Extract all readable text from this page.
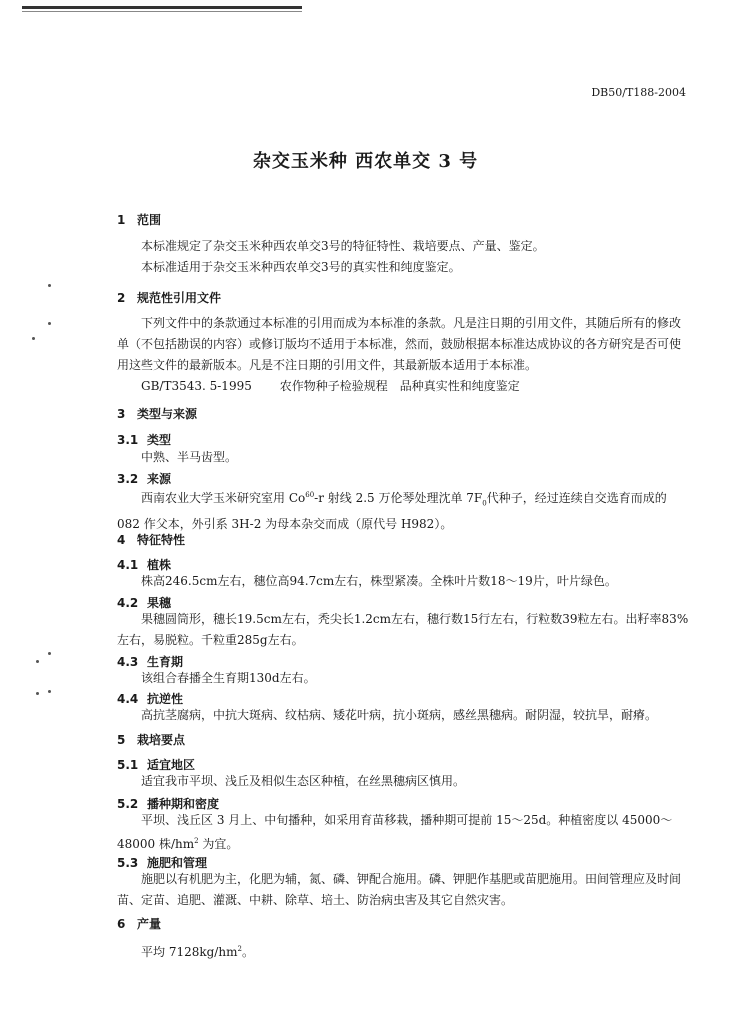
DB50/T188-2004
杂交玉米种 西农单交 3 号
1 范围
本标准规定了杂交玉米种西农单交3号的特征特性、栽培要点、产量、鉴定。
本标准适用于杂交玉米种西农单交3号的真实性和纯度鉴定。
2 规范性引用文件
下列文件中的条款通过本标准的引用而成为本标准的条款。凡是注日期的引用文件，其随后所有的修改单（不包括勘误的内容）或修订版均不适用于本标准，然而，鼓励根据本标准达成协议的各方研究是否可使用这些文件的最新版本。凡是不注日期的引用文件，其最新版本适用于本标准。
GB/T3543. 5-1995 农作物种子检验规程　品种真实性和纯度鉴定
3 类型与来源
3.1 类型
中熟、半马齿型。
3.2 来源
西南农业大学玉米研究室用 Co$^{60}$-r 射线 2.5 万伦琴处理沈单 $7F_0$代种子，经过连续自交选育而成的 082 作父本，外引系 3H-2 为母本杂交而成（原代号 H982）。
4 特征特性
4.1 植株
株高246.5cm左右，穗位高94.7cm左右，株型紧凑。全株叶片数18～19片，叶片绿色。
4.2 果穗
果穗圆筒形，穗长19.5cm左右，秃尖长1.2cm左右，穗行数15行左右，行粒数39粒左右。出籽率83%左右，易脱粒。千粒重285g左右。
4.3 生育期
该组合春播全生育期130d左右。
4.4 抗逆性
高抗茎腐病，中抗大斑病、纹枯病、矮花叶病，抗小斑病，感丝黑穗病。耐阴湿，较抗旱，耐瘠。
5 栽培要点
5.1 适宜地区
适宜我市平坝、浅丘及相似生态区种植，在丝黑穗病区慎用。
5.2 播种期和密度
平坝、浅丘区 3 月上、中旬播种，如采用育苗移栽，播种期可提前 15～25d。种植密度以 45000～48000 株$/hm^2$ 为宜。
5.3 施肥和管理
施肥以有机肥为主，化肥为辅，氮、磷、钾配合施用。磷、钾肥作基肥或苗肥施用。田间管理应及时间苗、定苗、追肥、灌溉、中耕、除草、培土、防治病虫害及其它自然灾害。
6 产量
平均 $7128kg/hm^2$。
